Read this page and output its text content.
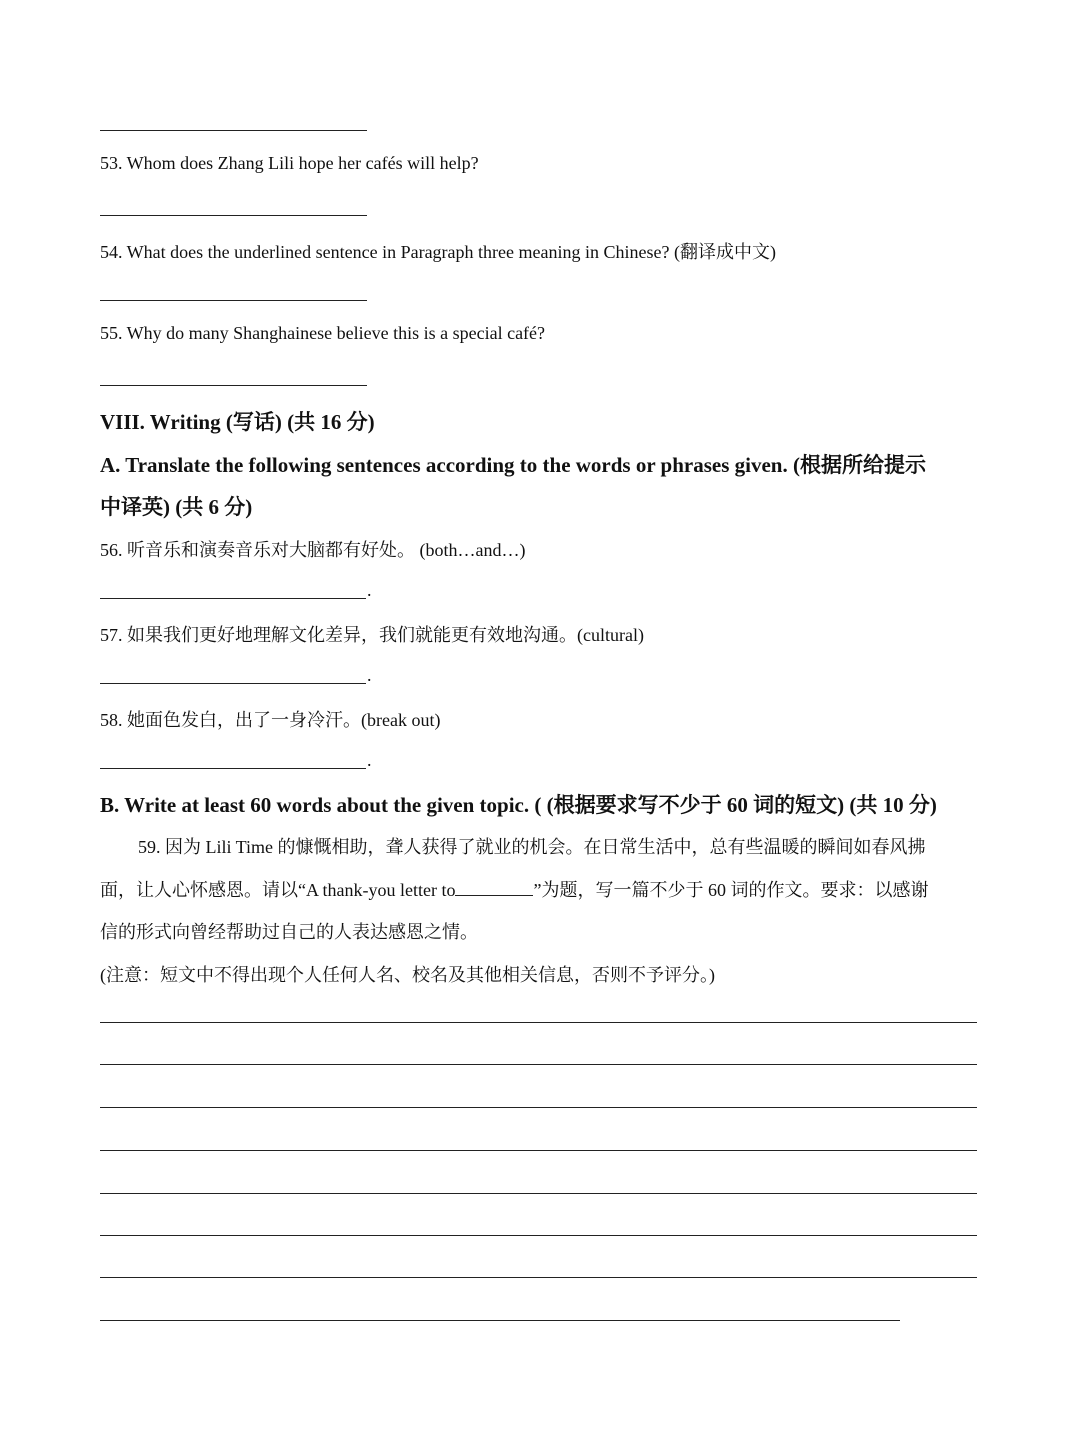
53. Whom does Zhang Lili hope her cafés will help?
54. What does the underlined sentence in Paragraph three meaning in Chinese? (翻译成中文)
55. Why do many Shanghainese believe this is a special café?
VIII. Writing (写话) (共 16 分)
A. Translate the following sentences according to the words or phrases given. (根据所给提示
中译英) (共 6 分)
56. 听音乐和演奏音乐对大脑都有好处。 (both…and…)
.
57. 如果我们更好地理解文化差异，我们就能更有效地沟通。(cultural)
.
58. 她面色发白，出了一身冷汗。(break out)
.
B. Write at least 60 words about the given topic. ( (根据要求写不少于 60 词的短文) (共 10 分)
59. 因为 Lili Time 的慷慨相助，聋人获得了就业的机会。在日常生活中，总有些温暖的瞬间如春风拂
面，让人心怀感恩。请以“A thank-you letter to	”为题，写一篇不少于 60 词的作文。要求：以感谢
信的形式向曾经帮助过自己的人表达感恩之情。
(注意：短文中不得出现个人任何人名、校名及其他相关信息，否则不予评分。)
